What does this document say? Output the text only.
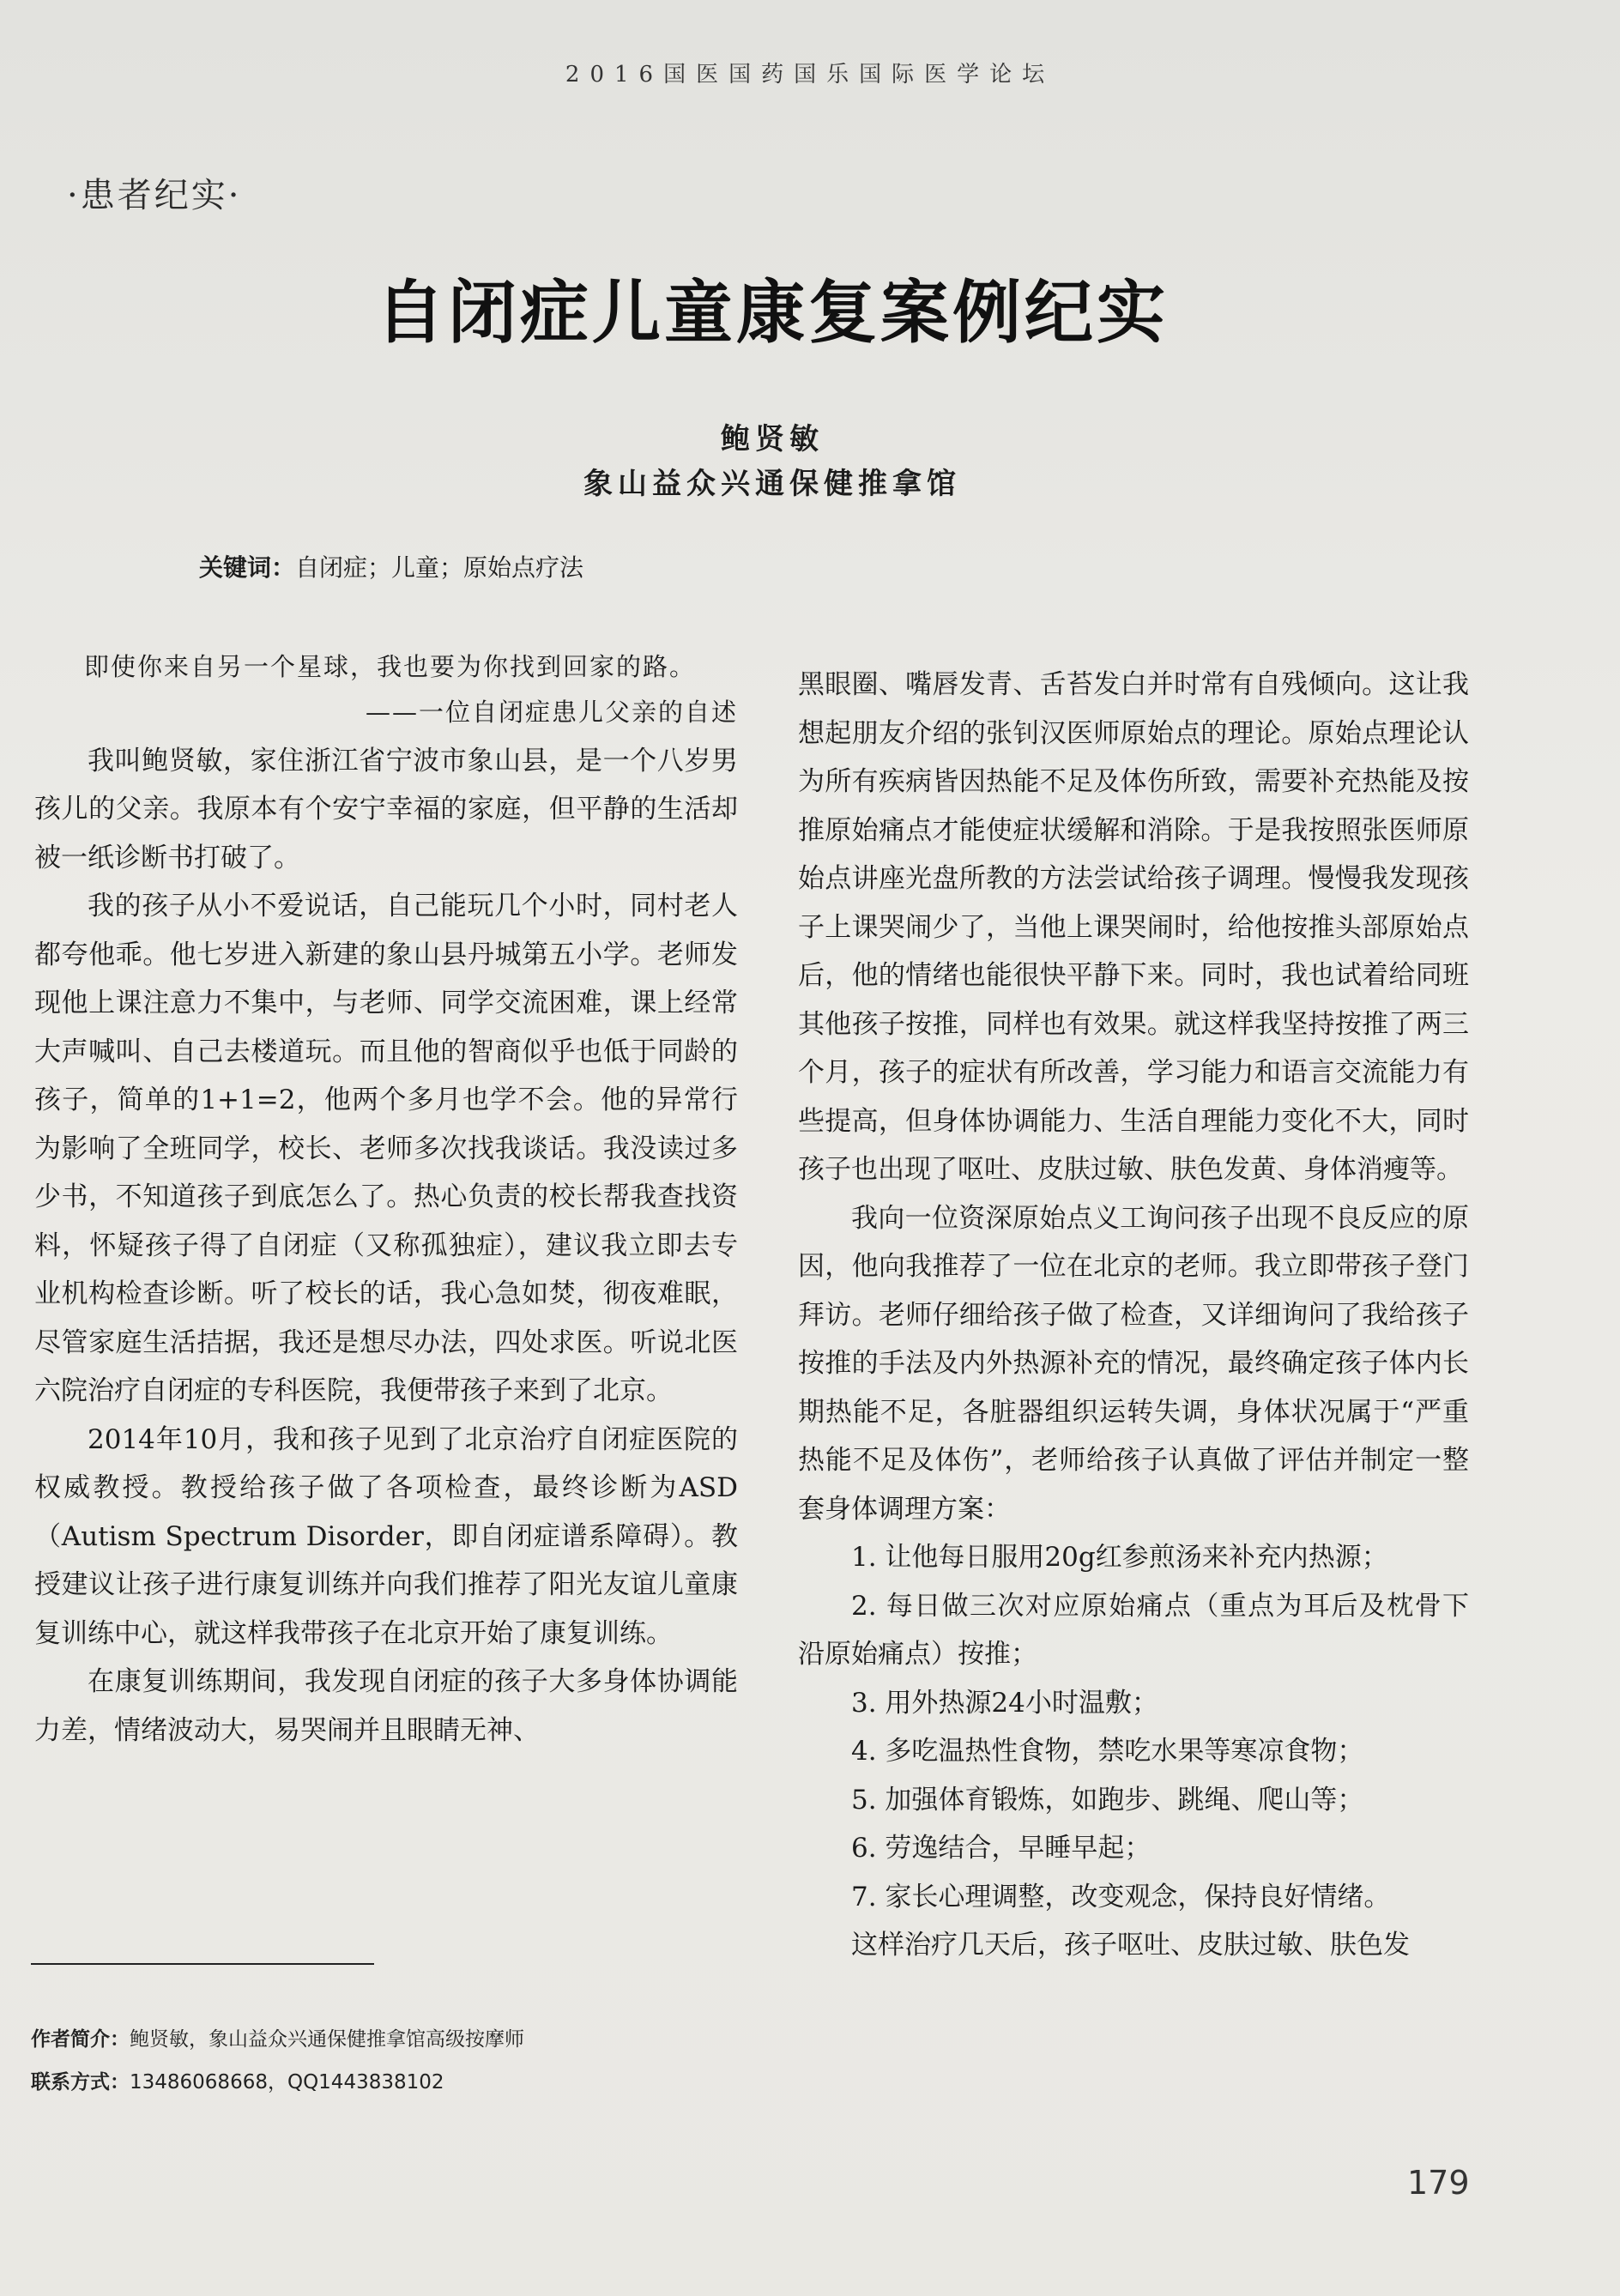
2016国医国药国乐国际医学论坛
·患者纪实·
自闭症儿童康复案例纪实
鲍贤敏
象山益众兴通保健推拿馆
关键词：自闭症；儿童；原始点疗法

即使你来自另一个星球，我也要为你找到回家的路。

——一位自闭症患儿父亲的自述

我叫鲍贤敏，家住浙江省宁波市象山县，是一个八岁男孩儿的父亲。我原本有个安宁幸福的家庭，但平静的生活却被一纸诊断书打破了。

我的孩子从小不爱说话，自己能玩几个小时，同村老人都夸他乖。他七岁进入新建的象山县丹城第五小学。老师发现他上课注意力不集中，与老师、同学交流困难，课上经常大声喊叫、自己去楼道玩。而且他的智商似乎也低于同龄的孩子，简单的1+1=2，他两个多月也学不会。他的异常行为影响了全班同学，校长、老师多次找我谈话。我没读过多少书，不知道孩子到底怎么了。热心负责的校长帮我查找资料，怀疑孩子得了自闭症（又称孤独症），建议我立即去专业机构检查诊断。听了校长的话，我心急如焚，彻夜难眠，尽管家庭生活拮据，我还是想尽办法，四处求医。听说北医六院治疗自闭症的专科医院，我便带孩子来到了北京。

2014年10月，我和孩子见到了北京治疗自闭症医院的权威教授。教授给孩子做了各项检查，最终诊断为ASD（Autism Spectrum Disorder，即自闭症谱系障碍）。教授建议让孩子进行康复训练并向我们推荐了阳光友谊儿童康复训练中心，就这样我带孩子在北京开始了康复训练。

在康复训练期间，我发现自闭症的孩子大多身体协调能力差，情绪波动大，易哭闹并且眼睛无神、

黑眼圈、嘴唇发青、舌苔发白并时常有自残倾向。这让我想起朋友介绍的张钊汉医师原始点的理论。原始点理论认为所有疾病皆因热能不足及体伤所致，需要补充热能及按推原始痛点才能使症状缓解和消除。于是我按照张医师原始点讲座光盘所教的方法尝试给孩子调理。慢慢我发现孩子上课哭闹少了，当他上课哭闹时，给他按推头部原始点后，他的情绪也能很快平静下来。同时，我也试着给同班其他孩子按推，同样也有效果。就这样我坚持按推了两三个月，孩子的症状有所改善，学习能力和语言交流能力有些提高，但身体协调能力、生活自理能力变化不大，同时孩子也出现了呕吐、皮肤过敏、肤色发黄、身体消瘦等。

我向一位资深原始点义工询问孩子出现不良反应的原因，他向我推荐了一位在北京的老师。我立即带孩子登门拜访。老师仔细给孩子做了检查，又详细询问了我给孩子按推的手法及内外热源补充的情况，最终确定孩子体内长期热能不足，各脏器组织运转失调，身体状况属于“严重热能不足及体伤”，老师给孩子认真做了评估并制定一整套身体调理方案：

1. 让他每日服用20g红参煎汤来补充内热源；

2. 每日做三次对应原始痛点（重点为耳后及枕骨下沿原始痛点）按推；

3. 用外热源24小时温敷；

4. 多吃温热性食物，禁吃水果等寒凉食物；

5. 加强体育锻炼，如跑步、跳绳、爬山等；

6. 劳逸结合，早睡早起；

7. 家长心理调整，改变观念，保持良好情绪。

这样治疗几天后，孩子呕吐、皮肤过敏、肤色发

作者简介：鲍贤敏，象山益众兴通保健推拿馆高级按摩师
联系方式：13486068668，QQ1443838102
179
